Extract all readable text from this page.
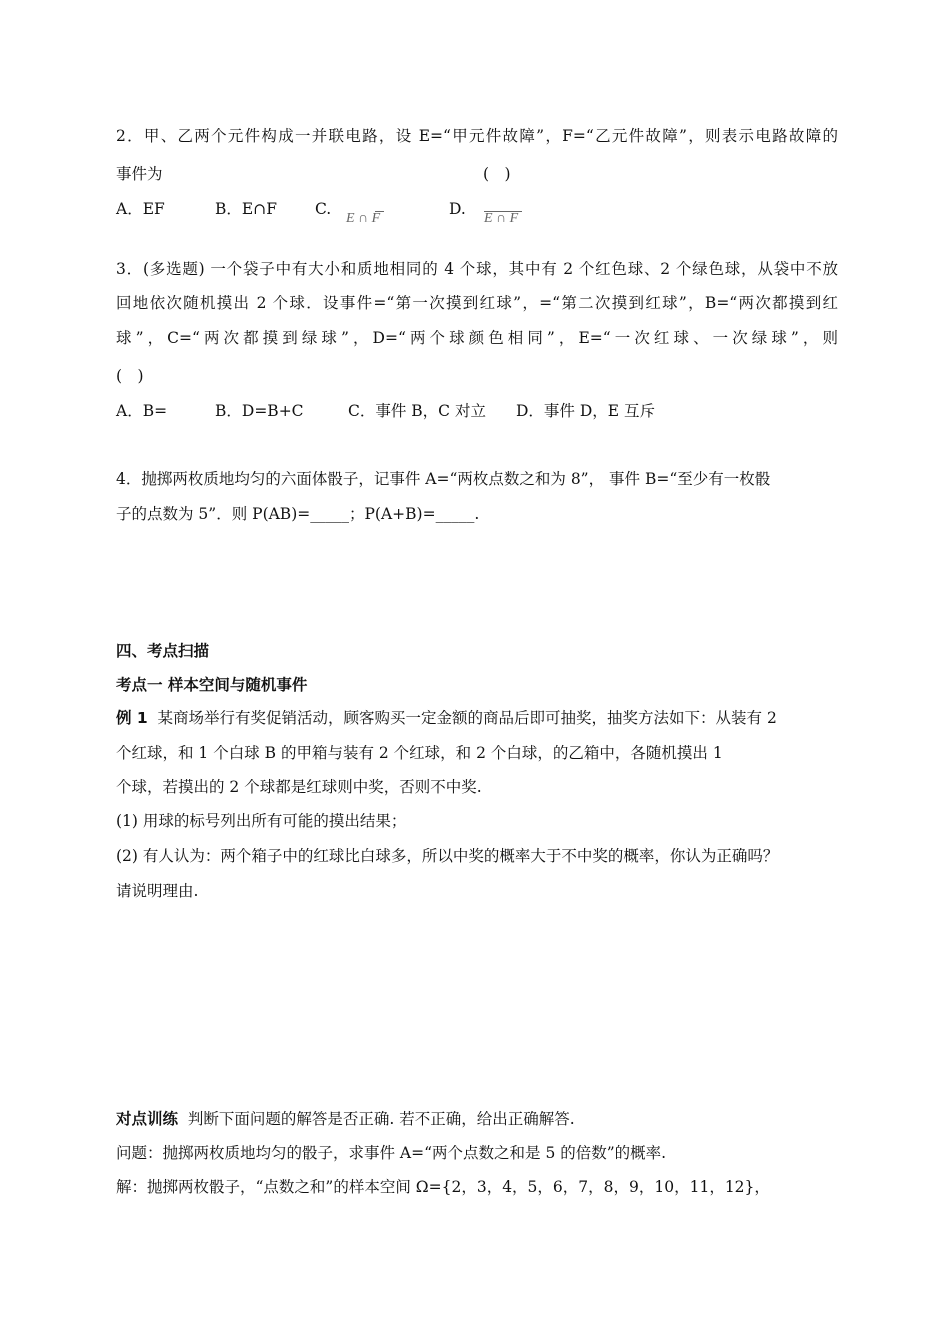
2．甲、乙两个元件构成一并联电路，设 E=“甲元件故障”，F=“乙元件故障”，则表示电路故障的
事件为	(　)
A．EF	B．E∩F C.
E ∩ F
D.
E ∩ F
3．(多选题) 一个袋子中有大小和质地相同的 4 个球，其中有 2 个红色球、2 个绿色球，从袋中不放
回地依次随机摸出 2 个球．设事件=“第一次摸到红球”，=“第二次摸到红球”，B=“两次都摸到红
球”，C=“两次都摸到绿球”，D=“两个球颜色相同”，E=“一次红球、一次绿球”，则
(　)
A．B=	B．D=B+C	C．事件 B，C 对立 D．事件 D，E 互斥
4．抛掷两枚质地均匀的六面体骰子，记事件 A=“两枚点数之和为 8”， 事件 B=“至少有一枚骰
子的点数为 5”．则 P(AB)=_____；P(A+B)=_____.
四、考点扫描
考点一 样本空间与随机事件
例 1 某商场举行有奖促销活动，顾客购买一定金额的商品后即可抽奖，抽奖方法如下：从装有 2
个红球，和 1 个白球 B 的甲箱与装有 2 个红球，和 2 个白球，的乙箱中，各随机摸出 1
个球，若摸出的 2 个球都是红球则中奖，否则不中奖.
(1) 用球的标号列出所有可能的摸出结果；
(2) 有人认为：两个箱子中的红球比白球多，所以中奖的概率大于不中奖的概率，你认为正确吗？
请说明理由.
对点训练 判断下面问题的解答是否正确. 若不正确，给出正确解答.
问题：抛掷两枚质地均匀的骰子，求事件 A=“两个点数之和是 5 的倍数”的概率.
解：抛掷两枚骰子，“点数之和”的样本空间 Ω={2，3，4，5，6，7，8，9，10，11，12}，
